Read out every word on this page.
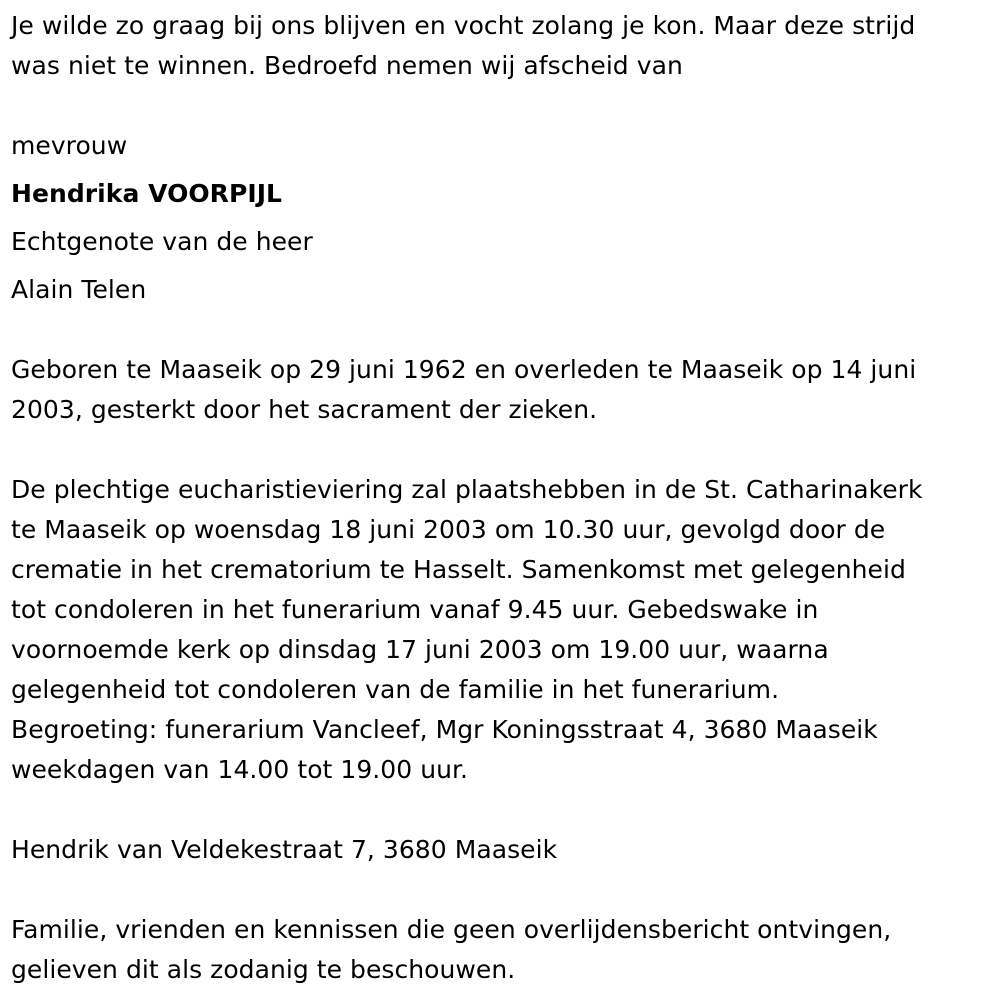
Je wilde zo graag bij ons blijven en vocht zolang je kon. Maar deze strijd
was niet te winnen. Bedroefd nemen wij afscheid van
mevrouw
Hendrika VOORPIJL
Echtgenote van de heer
Alain Telen
Geboren te Maaseik op 29 juni 1962 en overleden te Maaseik op 14 juni
2003, gesterkt door het sacrament der zieken.
De plechtige eucharistieviering zal plaatshebben in de St. Catharinakerk
te Maaseik op woensdag 18 juni 2003 om 10.30 uur, gevolgd door de
crematie in het crematorium te Hasselt. Samenkomst met gelegenheid
tot condoleren in het funerarium vanaf 9.45 uur. Gebedswake in
voornoemde kerk op dinsdag 17 juni 2003 om 19.00 uur, waarna
gelegenheid tot condoleren van de familie in het funerarium.
Begroeting: funerarium Vancleef, Mgr Koningsstraat 4, 3680 Maaseik
weekdagen van 14.00 tot 19.00 uur.
Hendrik van Veldekestraat 7, 3680 Maaseik
Familie, vrienden en kennissen die geen overlijdensbericht ontvingen,
gelieven dit als zodanig te beschouwen.
